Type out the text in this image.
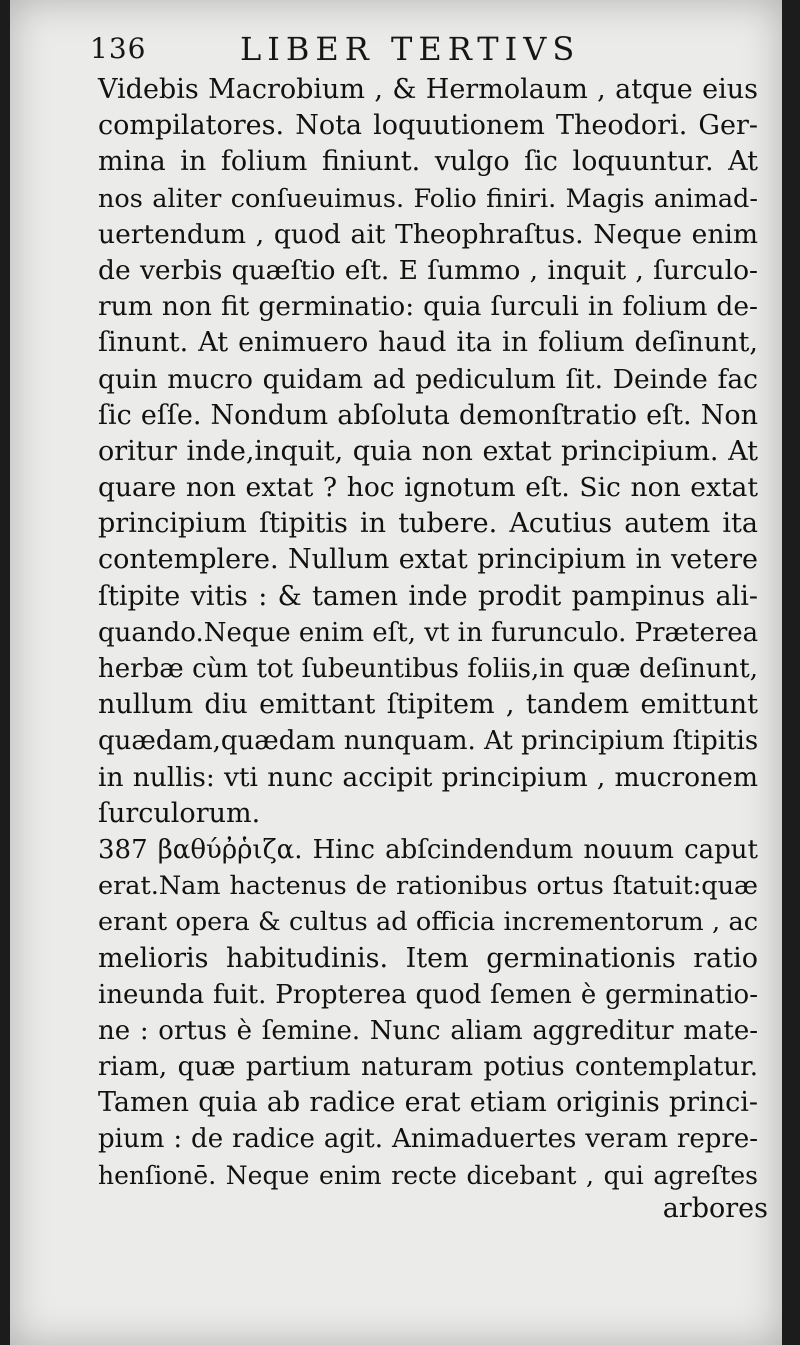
136	LIBER TERTIVS
Videbis Macrobium , & Hermolaum , atque eius
compilatores. Nota loquutionem Theodori. Ger-
mina in folium finiunt. vulgo ſic loquuntur. At
nos aliter conſueuimus. Folio finiri. Magis animad-
uertendum , quod ait Theophraſtus. Neque enim
de verbis quæſtio eſt. E ſummo , inquit , ſurculo-
rum non fit germinatio: quia ſurculi in folium de-
ſinunt. At enimuero haud ita in folium deſinunt,
quin mucro quidam ad pediculum ſit. Deinde fac
ſic eſſe. Nondum abſoluta demonſtratio eſt. Non
oritur inde,inquit, quia non extat principium. At
quare non extat ? hoc ignotum eſt. Sic non extat
principium ſtipitis in tubere. Acutius autem ita
contemplere. Nullum extat principium in vetere
ſtipite vitis : & tamen inde prodit pampinus ali-
quando.Neque enim eſt, vt in furunculo. Præterea
herbæ cùm tot ſubeuntibus foliis,in quæ deſinunt,
nullum diu emittant ſtipitem , tandem emittunt
quædam,quædam nunquam. At principium ſtipitis
in nullis: vti nunc accipit principium , mucronem
ſurculorum.
387 βαθύῤῥιζα. Hinc abſcindendum nouum caput
erat.Nam hactenus de rationibus ortus ſtatuit:quæ
erant opera & cultus ad officia incrementorum , ac
melioris habitudinis. Item germinationis ratio
ineunda fuit. Propterea quod ſemen è germinatio-
ne : ortus è ſemine. Nunc aliam aggreditur mate-
riam, quæ partium naturam potius contemplatur.
Tamen quia ab radice erat etiam originis princi-
pium : de radice agit. Animaduertes veram repre-
henſionē. Neque enim recte dicebant , qui agreſtes
arbores
